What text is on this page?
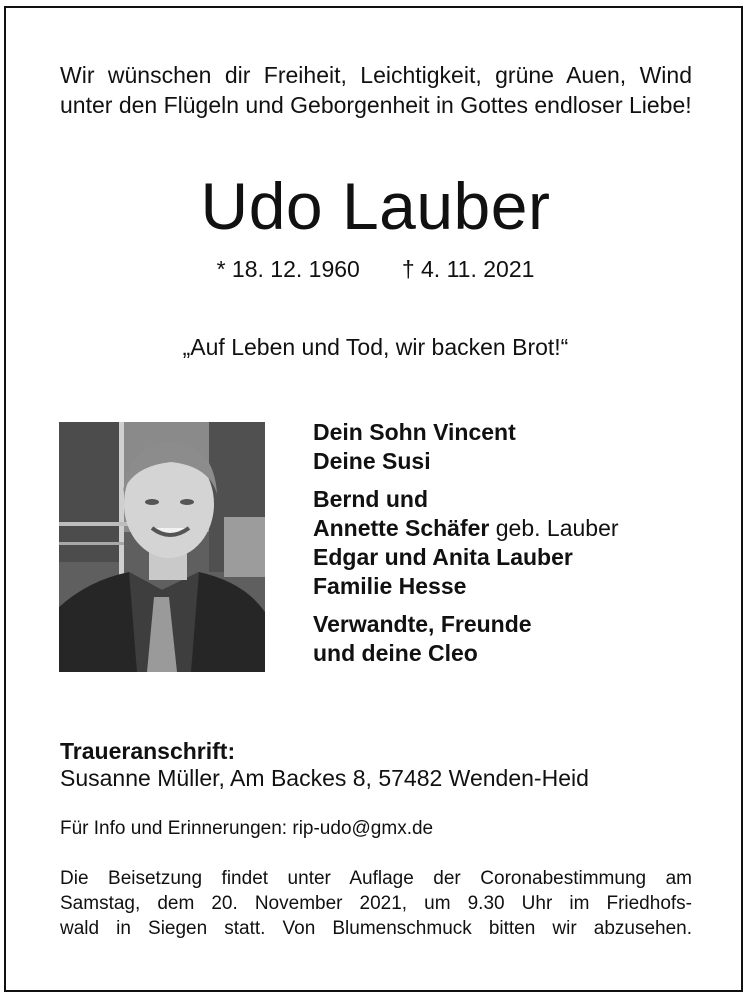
Wir wünschen dir Freiheit, Leichtigkeit, grüne Auen, Wind unter den Flügeln und Geborgenheit in Gottes endloser Liebe!
Udo Lauber
* 18. 12. 1960 † 4. 11. 2021
„Auf Leben und Tod, wir backen Brot!“
Dein Sohn Vincent
Deine Susi
Bernd und
Annette Schäfer geb. Lauber
Edgar und Anita Lauber
Familie Hesse
Verwandte, Freunde
und deine Cleo
Traueranschrift:
Susanne Müller, Am Backes 8, 57482 Wenden-Heid
Für Info und Erinnerungen: rip-udo@gmx.de
Die Beisetzung findet unter Auflage der Coronabestimmung am
Samstag, dem 20. November 2021, um 9.30 Uhr im Friedhofs-
wald in Siegen statt. Von Blumenschmuck bitten wir abzusehen.
